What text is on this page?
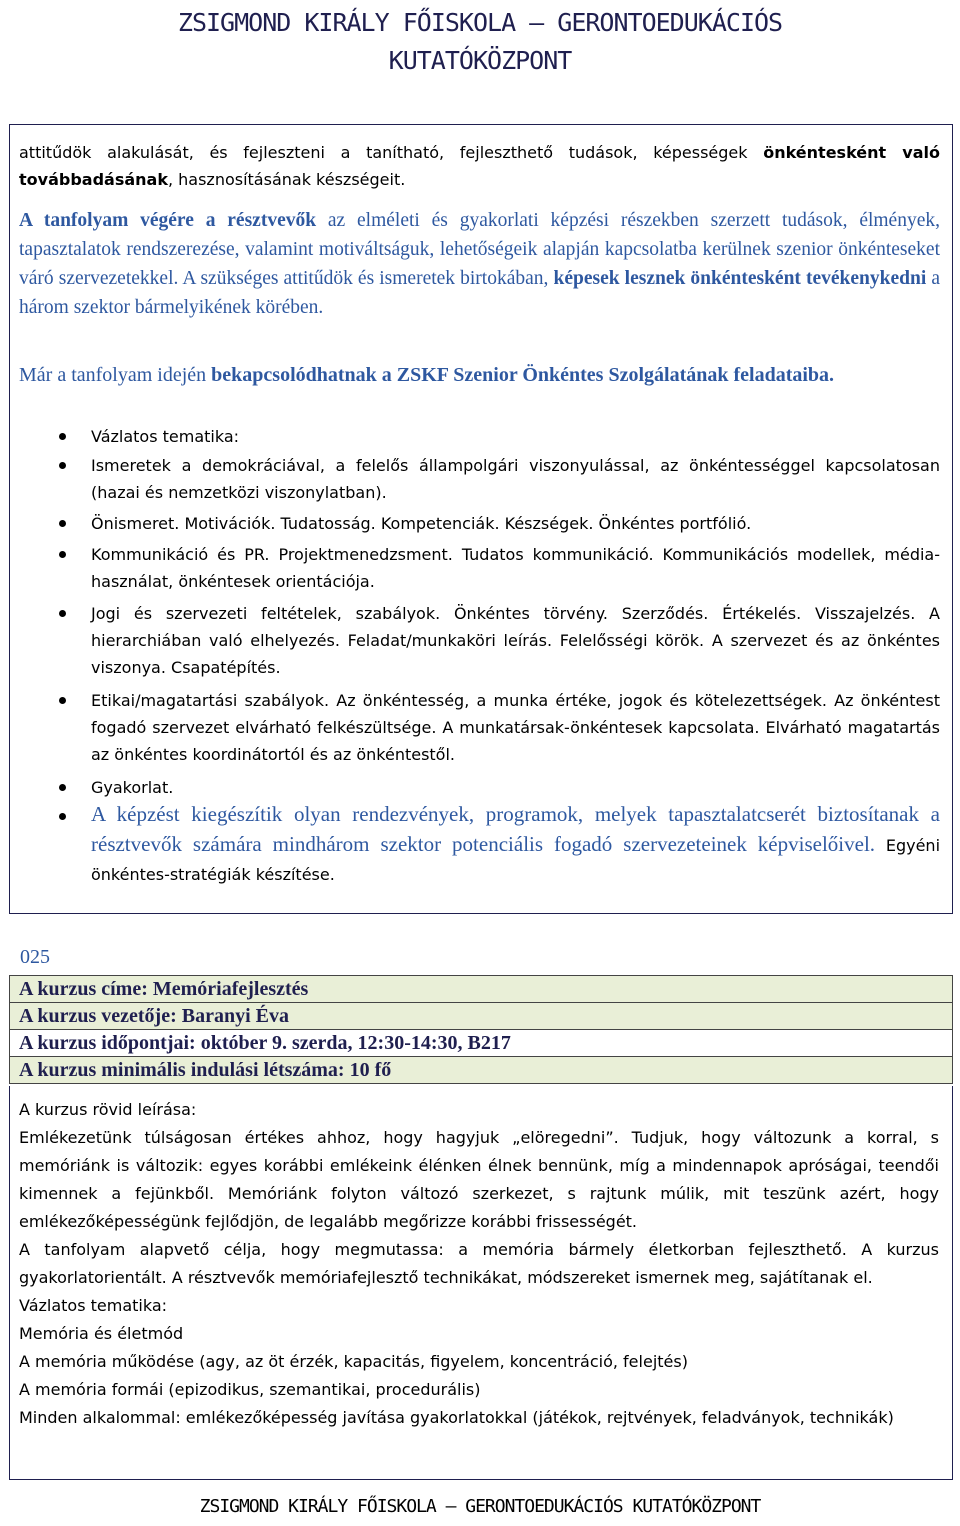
ZSIGMOND KIRÁLY FŐISKOLA – GERONTOEDUKÁCIÓS
KUTATÓKÖZPONT

attitűdök alakulását, és fejleszteni a tanítható, fejleszthető tudások, képességek önkéntesként való továbbadásának, hasznosításának készségeit.

A tanfolyam végére a résztvevők az elméleti és gyakorlati képzési részekben szerzett tudások, élmények, tapasztalatok rendszerezése, valamint motiváltságuk, lehetőségeik alapján kapcsolatba kerülnek szenior önkénteseket váró szervezetekkel. A szükséges attitűdök és ismeretek birtokában, képesek lesznek önkéntesként tevékenykedni a három szektor bármelyikének körében.

Már a tanfolyam idején bekapcsolódhatnak a ZSKF Szenior Önkéntes Szolgálatának feladataiba.

Vázlatos tematika:

Ismeretek a demokráciával, a felelős állampolgári viszonyulással, az önkéntességgel kapcsolatosan (hazai és nemzetközi viszonylatban).

Önismeret. Motivációk. Tudatosság. Kompetenciák. Készségek. Önkéntes portfólió.

Kommunikáció és PR. Projektmenedzsment. Tudatos kommunikáció. Kommunikációs modellek, média-használat, önkéntesek orientációja.

Jogi és szervezeti feltételek, szabályok. Önkéntes törvény. Szerződés. Értékelés. Visszajelzés. A hierarchiában való elhelyezés. Feladat/munkaköri leírás. Felelősségi körök. A szervezet és az önkéntes viszonya. Csapatépítés.

Etikai/magatartási szabályok. Az önkéntesség, a munka értéke, jogok és kötelezettségek. Az önkéntest fogadó szervezet elvárható felkészültsége. A munkatársak-önkéntesek kapcsolata. Elvárható magatartás az önkéntes koordinátortól és az önkéntestől.

Gyakorlat.

A képzést kiegészítik olyan rendezvények, programok, melyek tapasztalatcserét biztosítanak a résztvevők számára mindhárom szektor potenciális fogadó szervezeteinek képviselőivel. Egyéni önkéntes-stratégiák készítése.

025
A kurzus címe: Memóriafejlesztés
A kurzus vezetője: Baranyi Éva
A kurzus időpontjai: október 9. szerda, 12:30-14:30, B217
A kurzus minimális indulási létszáma: 10 fő

A kurzus rövid leírása:

Emlékezetünk túlságosan értékes ahhoz, hogy hagyjuk „elöregedni”. Tudjuk, hogy változunk a korral, s memóriánk is változik: egyes korábbi emlékeink élénken élnek bennünk, míg a mindennapok apróságai, teendői kimennek a fejünkből. Memóriánk folyton változó szerkezet, s rajtunk múlik, mit teszünk azért, hogy emlékezőképességünk fejlődjön, de legalább megőrizze korábbi frissességét.

A tanfolyam alapvető célja, hogy megmutassa: a memória bármely életkorban fejleszthető. A kurzus gyakorlatorientált. A résztvevők memóriafejlesztő technikákat, módszereket ismernek meg, sajátítanak el.

Vázlatos tematika:

Memória és életmód

A memória működése (agy, az öt érzék, kapacitás, figyelem, koncentráció, felejtés)

A memória formái (epizodikus, szemantikai, procedurális)

Minden alkalommal: emlékezőképesség javítása gyakorlatokkal (játékok, rejtvények, feladványok, technikák)

ZSIGMOND KIRÁLY FŐISKOLA – GERONTOEDUKÁCIÓS KUTATÓKÖZPONT
